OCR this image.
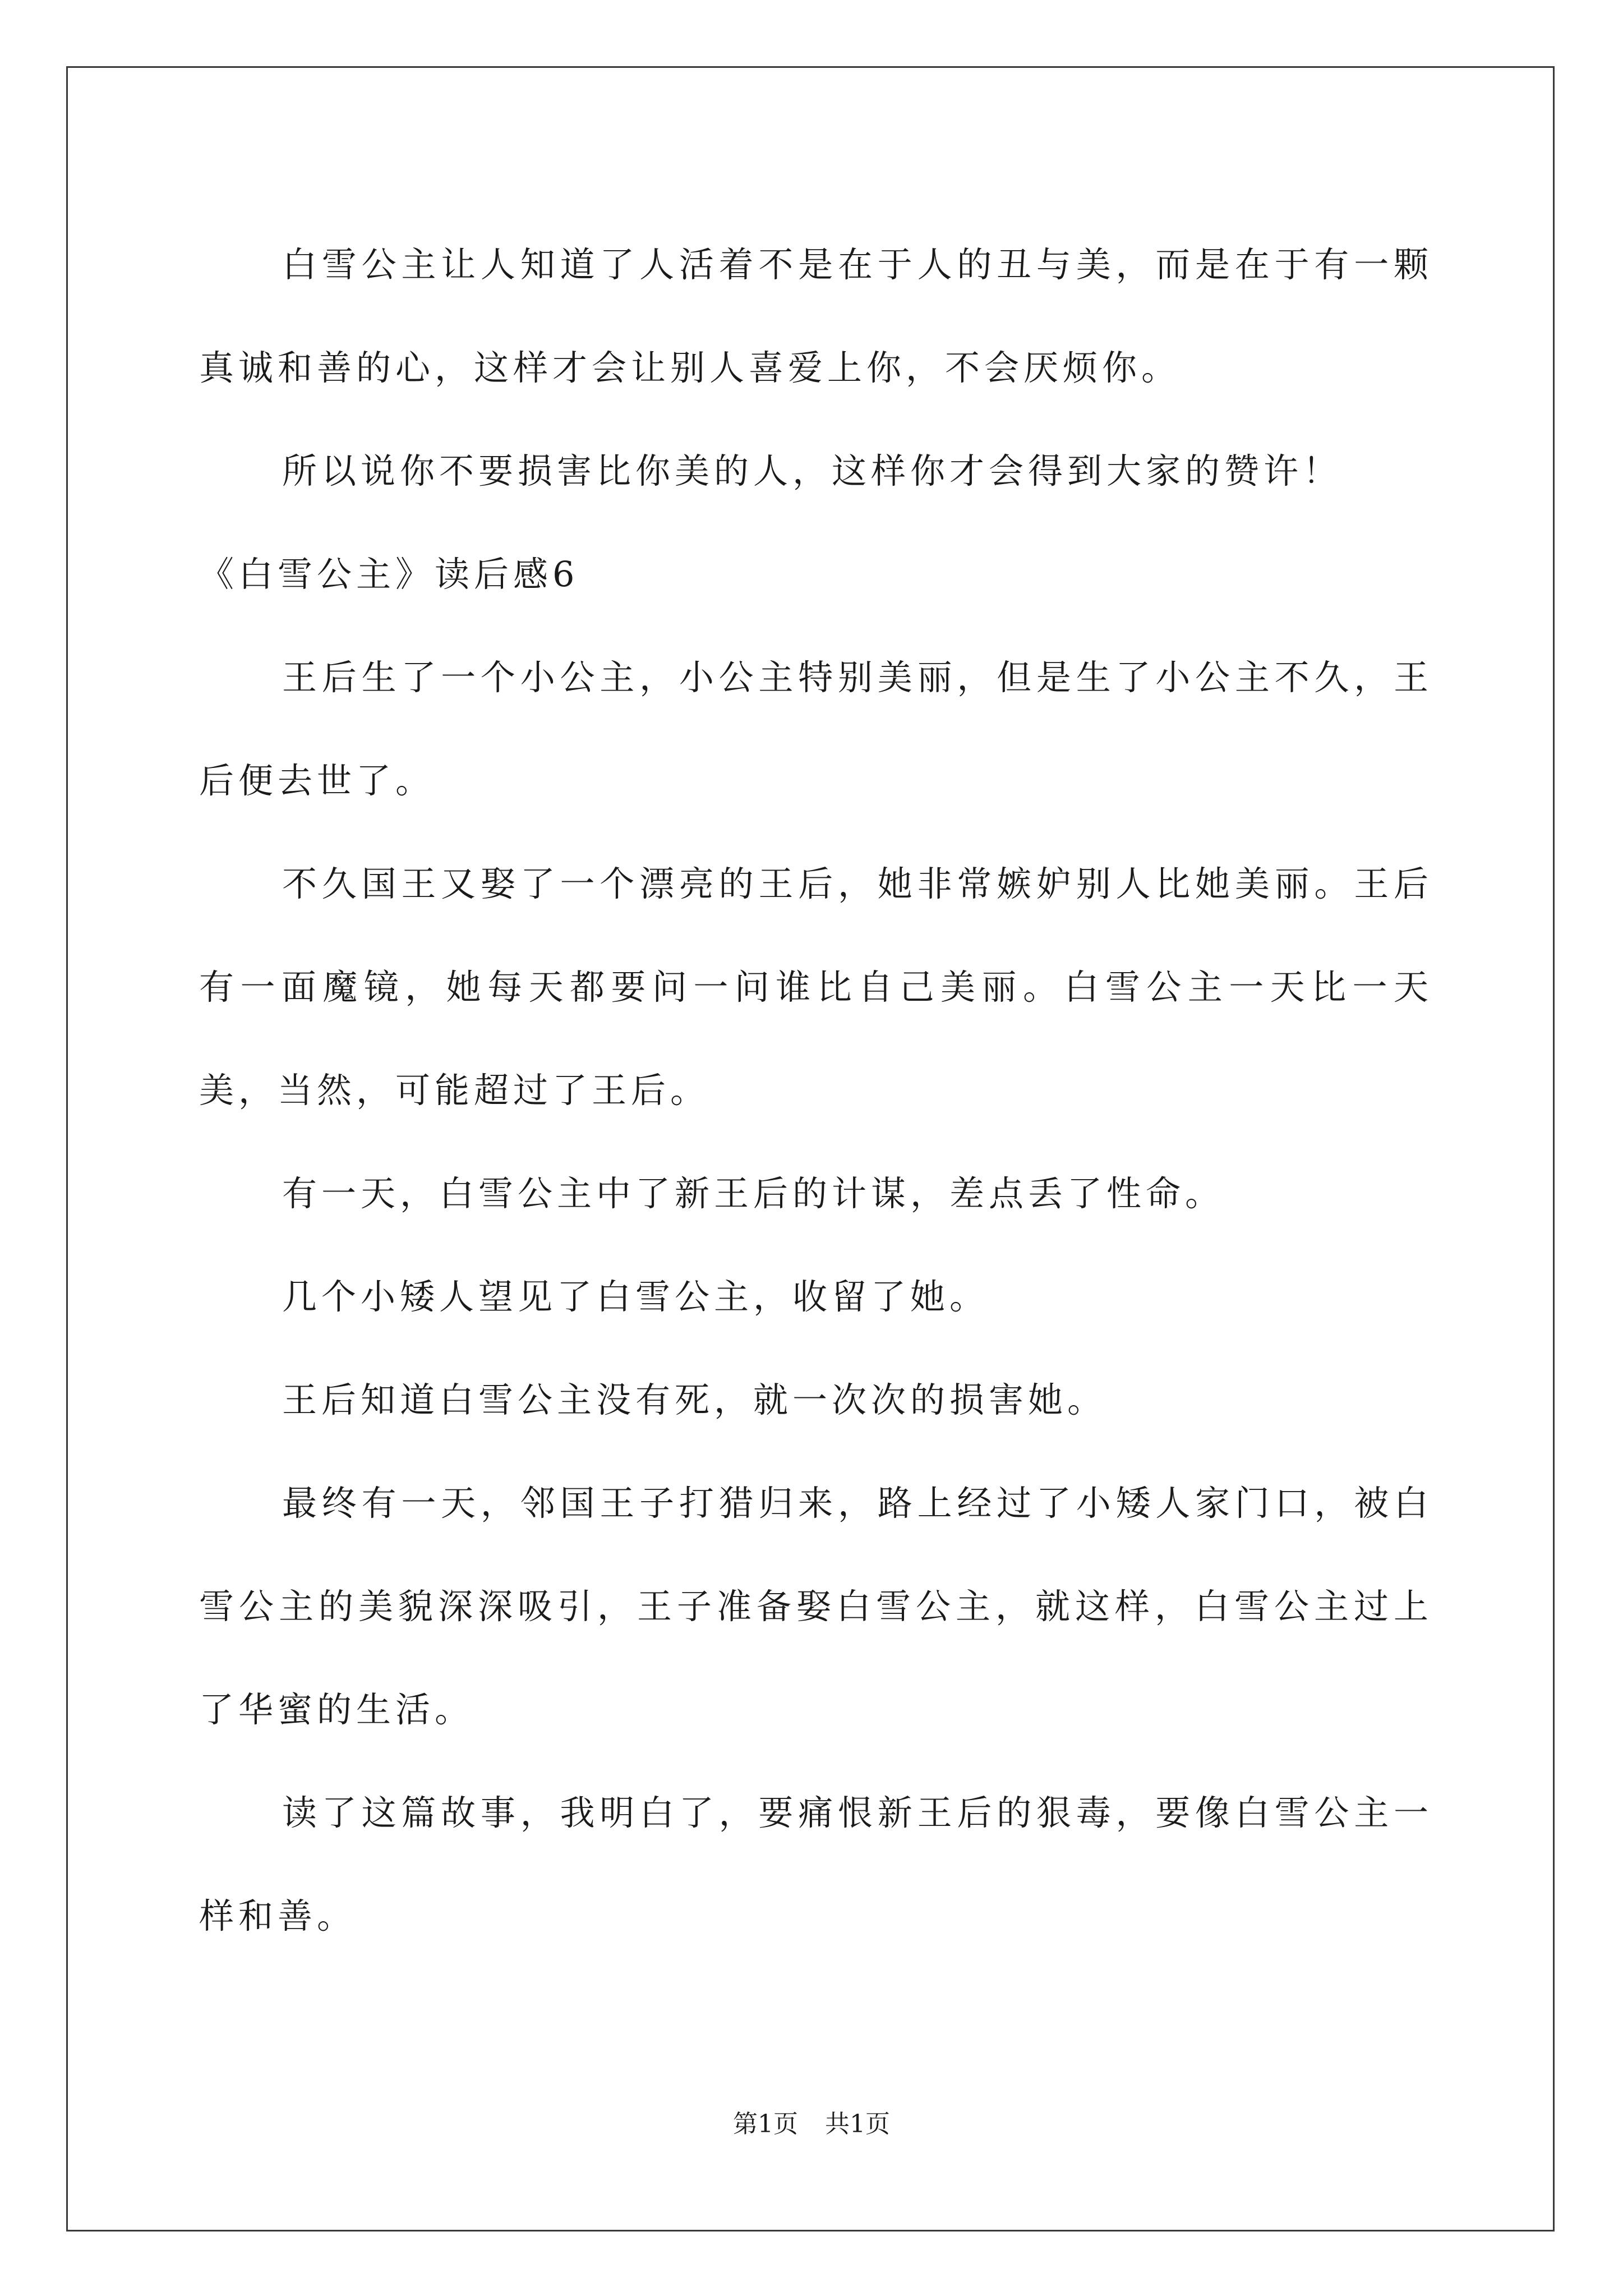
白雪公主让人知道了人活着不是在于人的丑与美，而是在于有一颗真诚和善的心，这样才会让别人喜爱上你，不会厌烦你。

所以说你不要损害比你美的人，这样你才会得到大家的赞许！

《白雪公主》读后感6

王后生了一个小公主，小公主特别美丽，但是生了小公主不久，王后便去世了。

不久国王又娶了一个漂亮的王后，她非常嫉妒别人比她美丽。王后有一面魔镜，她每天都要问一问谁比自己美丽。白雪公主一天比一天美，当然，可能超过了王后。

有一天，白雪公主中了新王后的计谋，差点丢了性命。

几个小矮人望见了白雪公主，收留了她。

王后知道白雪公主没有死，就一次次的损害她。

最终有一天，邻国王子打猎归来，路上经过了小矮人家门口，被白雪公主的美貌深深吸引，王子准备娶白雪公主，就这样，白雪公主过上了华蜜的生活。

读了这篇故事，我明白了，要痛恨新王后的狠毒，要像白雪公主一样和善。

第1页 共1页
